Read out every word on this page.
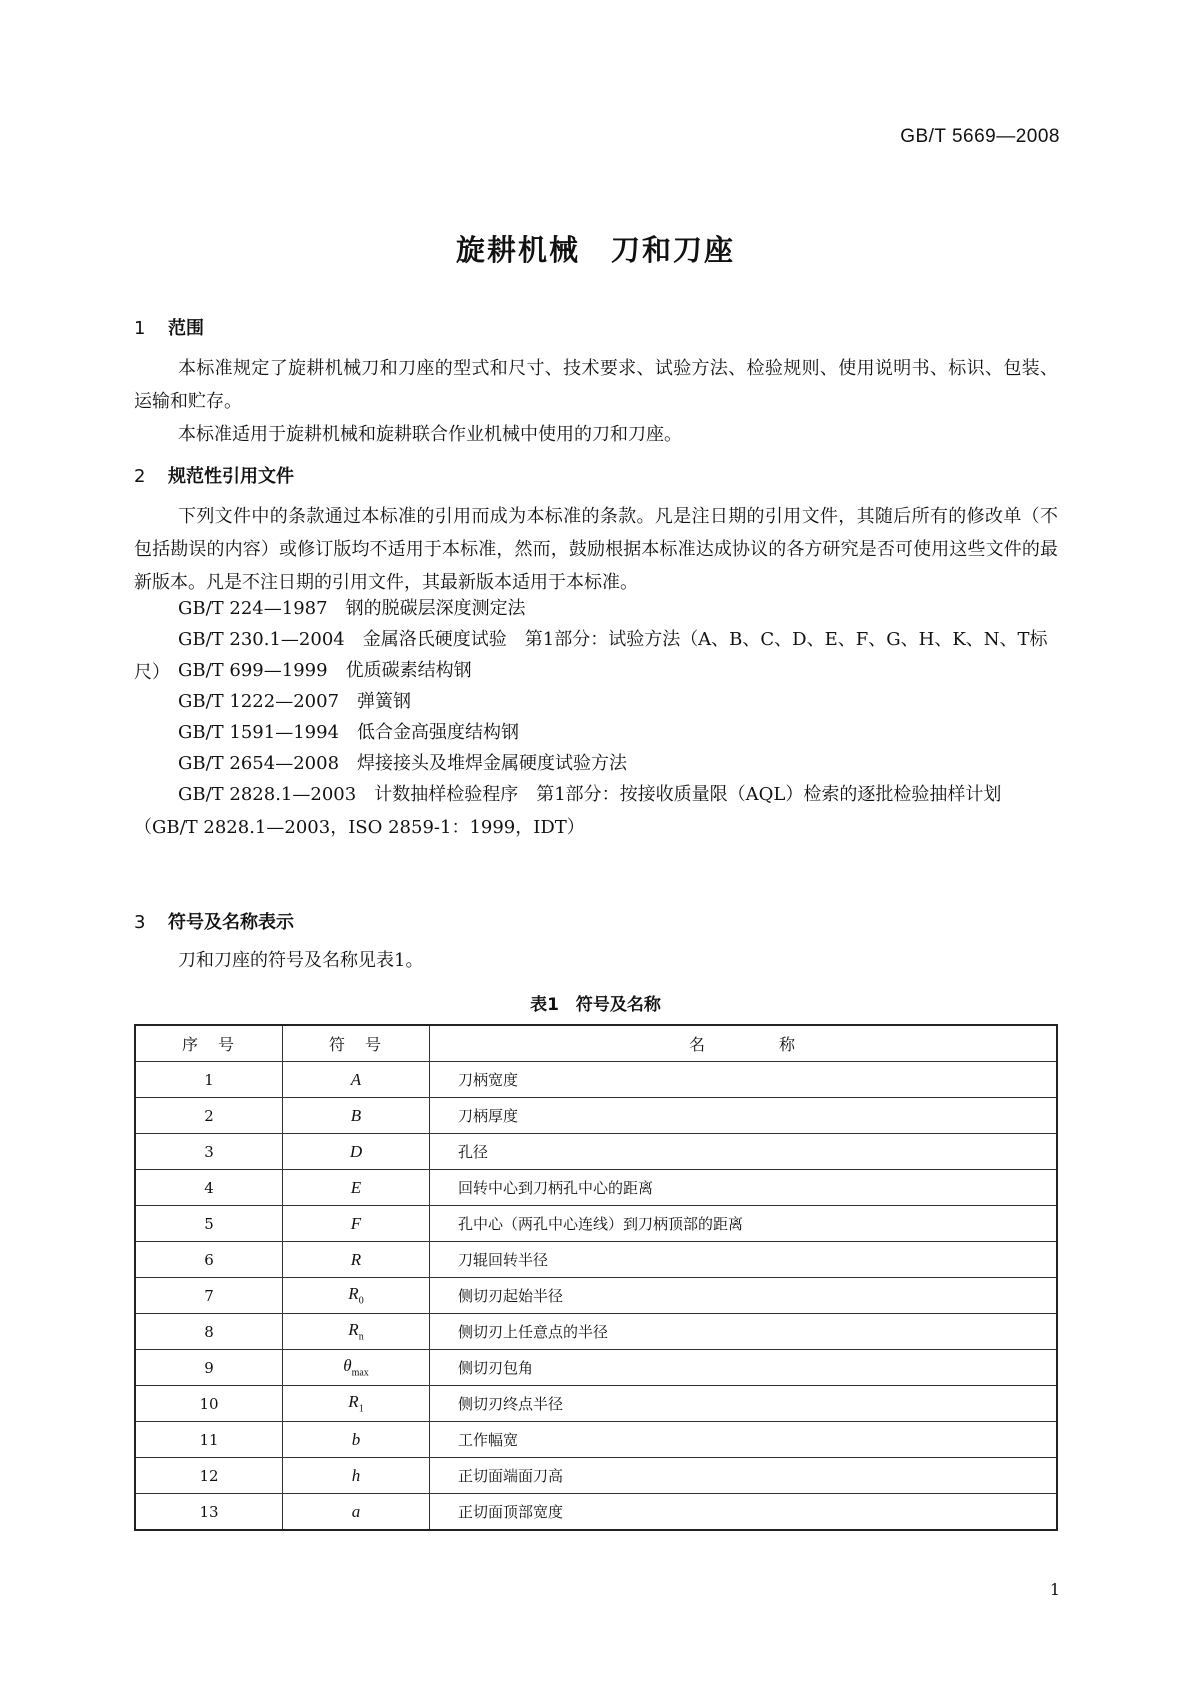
GB/T 5669—2008
旋耕机械　刀和刀座
1 范围
本标准规定了旋耕机械刀和刀座的型式和尺寸、技术要求、试验方法、检验规则、使用说明书、标识、包装、运输和贮存。
本标准适用于旋耕机械和旋耕联合作业机械中使用的刀和刀座。
2 规范性引用文件
下列文件中的条款通过本标准的引用而成为本标准的条款。凡是注日期的引用文件，其随后所有的修改单（不包括勘误的内容）或修订版均不适用于本标准，然而，鼓励根据本标准达成协议的各方研究是否可使用这些文件的最新版本。凡是不注日期的引用文件，其最新版本适用于本标准。
GB/T 224—1987　钢的脱碳层深度测定法
GB/T 230.1—2004　金属洛氏硬度试验　第1部分：试验方法（A、B、C、D、E、F、G、H、K、N、T标尺） GB/T 699—1999　优质碳素结构钢
GB/T 1222—2007　弹簧钢
GB/T 1591—1994　低合金高强度结构钢
GB/T 2654—2008　焊接接头及堆焊金属硬度试验方法
GB/T 2828.1—2003　计数抽样检验程序　第1部分：按接收质量限（AQL）检索的逐批检验抽样计划（GB/T 2828.1—2003，ISO 2859-1：1999，IDT）
3 符号及名称表示
刀和刀座的符号及名称见表1。
表1　符号及名称
序　号	符　号	名　　　　称
1	A	刀柄宽度
2	B	刀柄厚度
3	D	孔径
4	E	回转中心到刀柄孔中心的距离
5	F	孔中心（两孔中心连线）到刀柄顶部的距离
6	R	刀辊回转半径
7	$R_0$	侧切刃起始半径
8	$R_n$	侧切刃上任意点的半径
9	$\theta_{max}$	侧切刃包角
10	$R_1$	侧切刃终点半径
11	b	工作幅宽
12	h	正切面端面刀高
13	a	正切面顶部宽度
1
